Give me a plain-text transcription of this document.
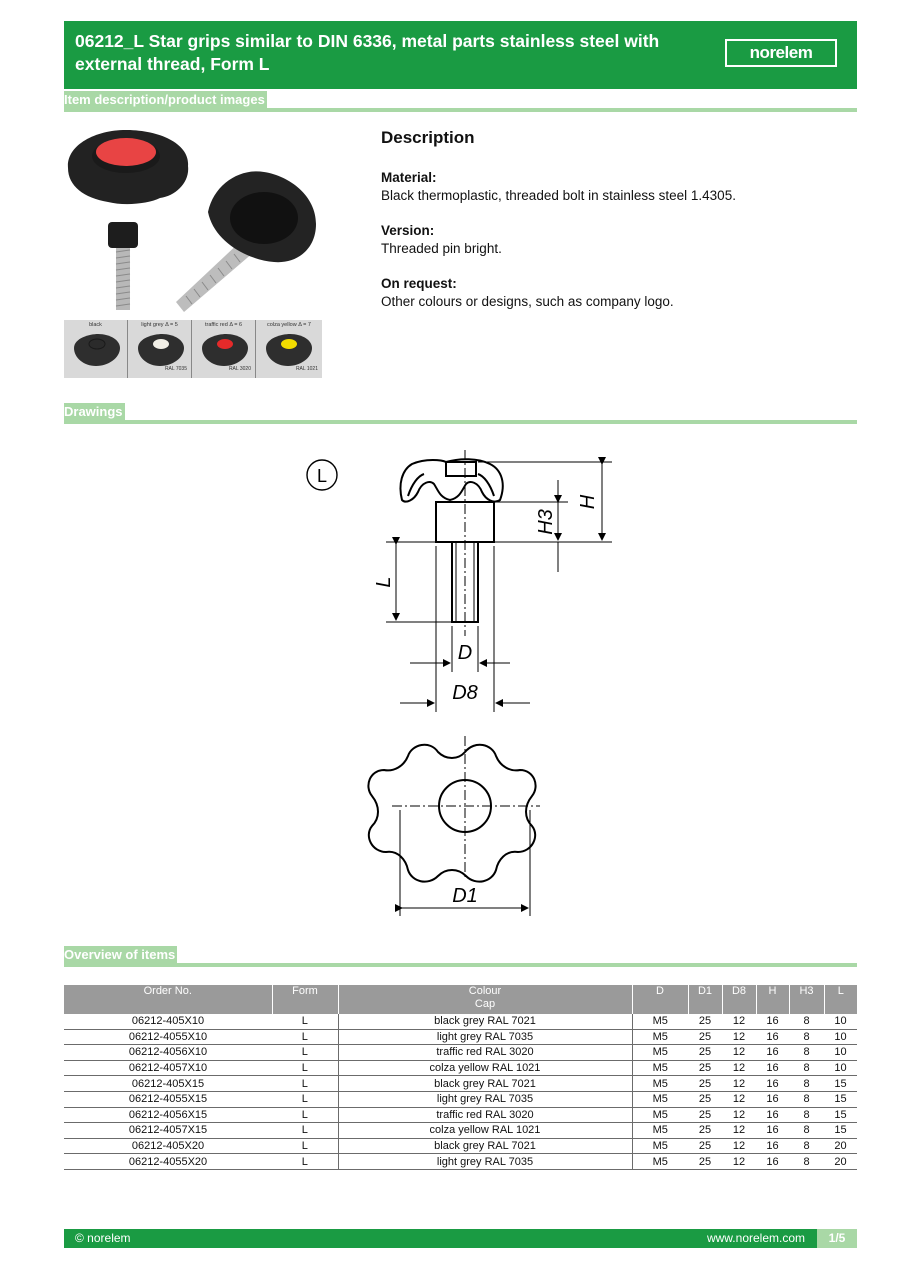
06212_L Star grips similar to DIN 6336, metal parts stainless steel with external thread, Form L
norelem
Item description/product images
black	light grey Δ = 5
RAL 7035
traffic red Δ = 6
RAL 3020
colza yellow Δ = 7
RAL 1021
Description
Material:
Black thermoplastic, threaded bolt in stainless steel 1.4305.
Version:
Threaded pin bright.
On request:
Other colours or designs, such as company logo.
Drawings
L
H
H3
L
D
D8
D1
Overview of items
Order No.	Form	Colour
Cap	D	D1	D8	H	H3	L
06212-405X10	L	black grey RAL 7021	M5	25	12	16	8	10
06212-4055X10	L	light grey RAL 7035	M5	25	12	16	8	10
06212-4056X10	L	traffic red RAL 3020	M5	25	12	16	8	10
06212-4057X10	L	colza yellow RAL 1021	M5	25	12	16	8	10
06212-405X15	L	black grey RAL 7021	M5	25	12	16	8	15
06212-4055X15	L	light grey RAL 7035	M5	25	12	16	8	15
06212-4056X15	L	traffic red RAL 3020	M5	25	12	16	8	15
06212-4057X15	L	colza yellow RAL 1021	M5	25	12	16	8	15
06212-405X20	L	black grey RAL 7021	M5	25	12	16	8	20
06212-4055X20	L	light grey RAL 7035	M5	25	12	16	8	20
© norelem	www.norelem.com	1/5
